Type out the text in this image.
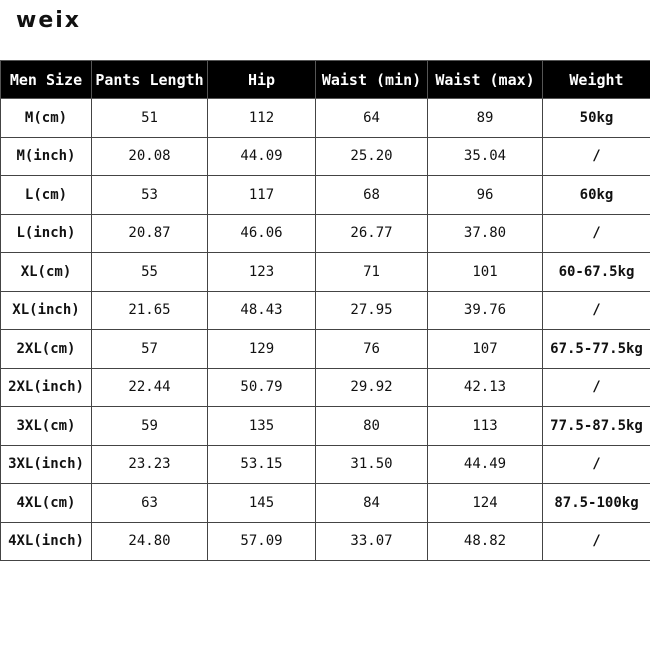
weix
Men Size	Pants Length	Hip	Waist (min)	Waist (max)	Weight
M(cm)	51	112	64	89	50kg
M(inch)	20.08	44.09	25.20	35.04	/
L(cm)	53	117	68	96	60kg
L(inch)	20.87	46.06	26.77	37.80	/
XL(cm)	55	123	71	101	60-67.5kg
XL(inch)	21.65	48.43	27.95	39.76	/
2XL(cm)	57	129	76	107	67.5-77.5kg
2XL(inch)	22.44	50.79	29.92	42.13	/
3XL(cm)	59	135	80	113	77.5-87.5kg
3XL(inch)	23.23	53.15	31.50	44.49	/
4XL(cm)	63	145	84	124	87.5-100kg
4XL(inch)	24.80	57.09	33.07	48.82	/
